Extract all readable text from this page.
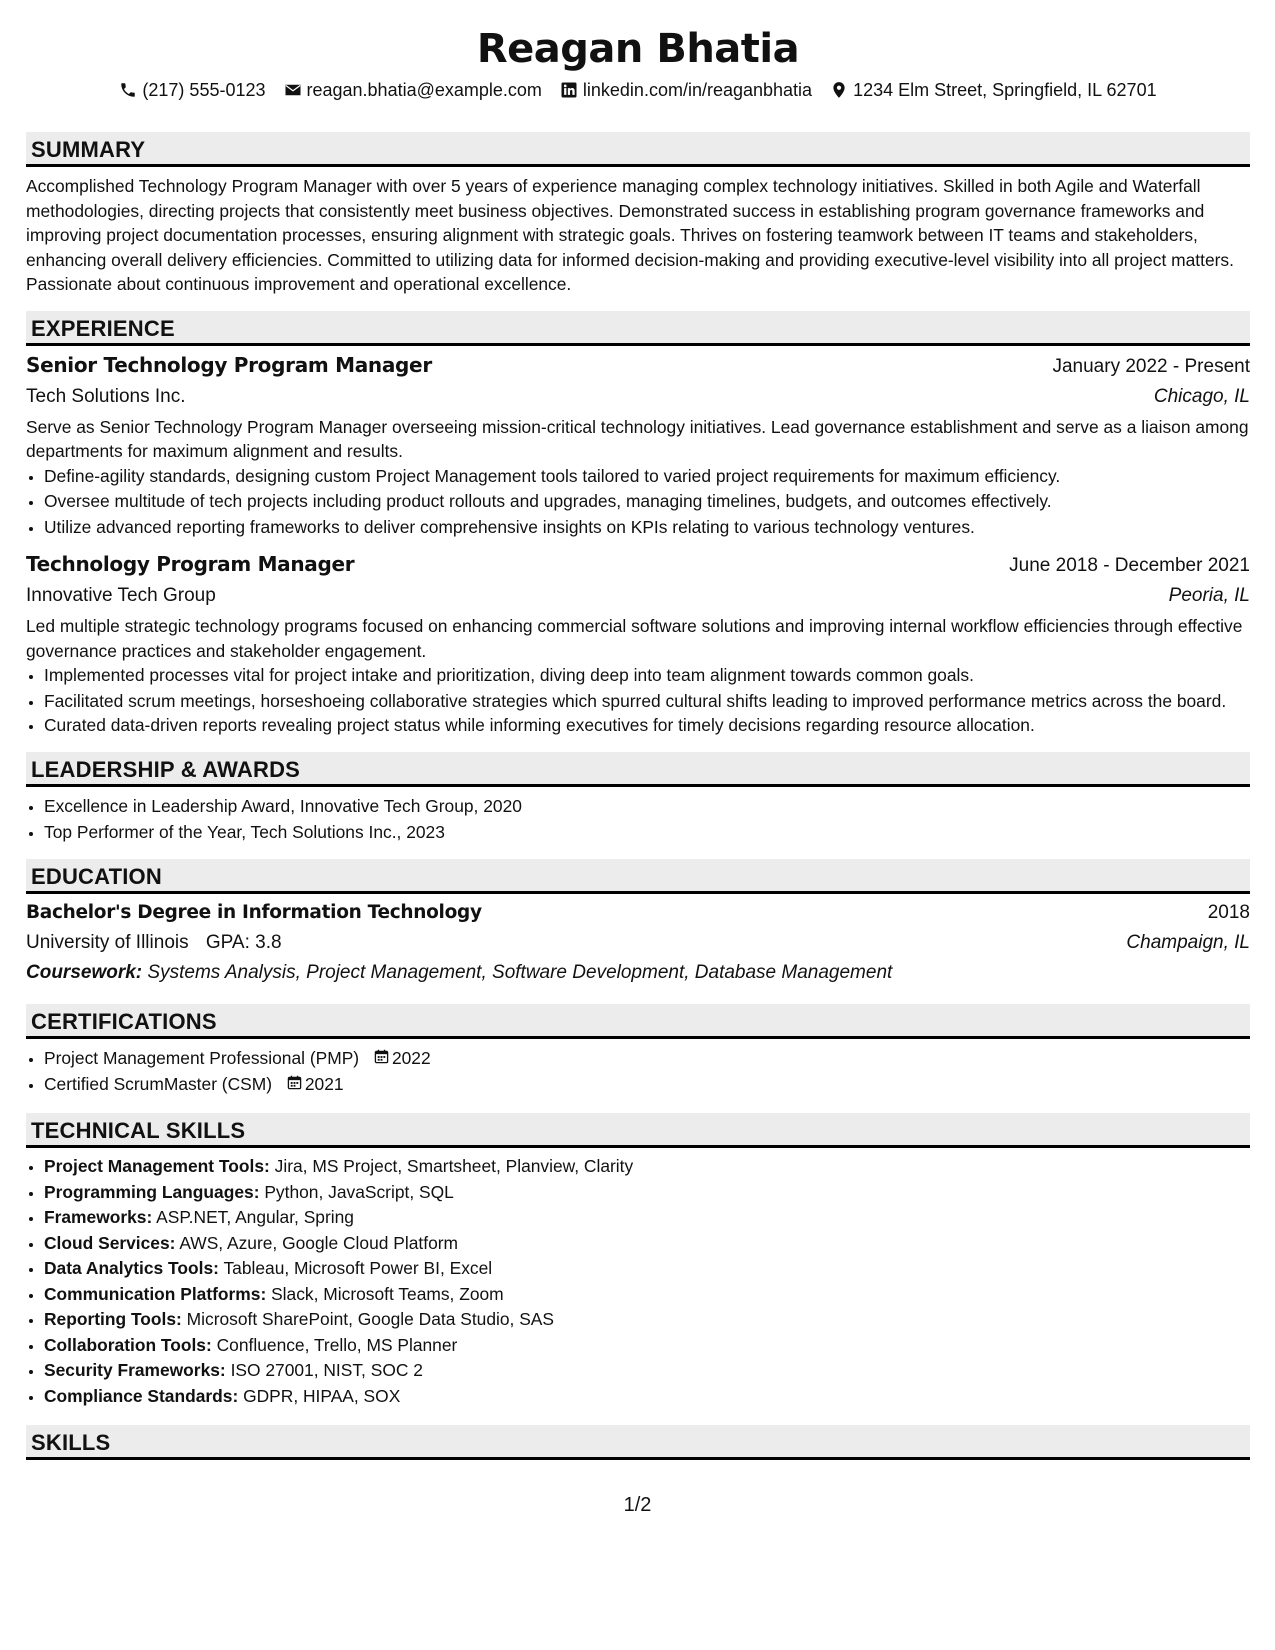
Reagan Bhatia
(217) 555-0123 reagan.bhatia@example.com linkedin.com/in/reaganbhatia 1234 Elm Street, Springfield, IL 62701
SUMMARY

Accomplished Technology Program Manager with over 5 years of experience managing complex technology initiatives. Skilled in both Agile and Waterfall methodologies, directing projects that consistently meet business objectives. Demonstrated success in establishing program governance frameworks and improving project documentation processes, ensuring alignment with strategic goals. Thrives on fostering teamwork between IT teams and stakeholders, enhancing overall delivery efficiencies. Committed to utilizing data for informed decision-making and providing executive-level visibility into all project matters. Passionate about continuous improvement and operational excellence.

EXPERIENCE
Senior Technology Program Manager	January 2022 - Present
Tech Solutions Inc.	Chicago, IL

Serve as Senior Technology Program Manager overseeing mission-critical technology initiatives. Lead governance establishment and serve as a liaison among departments for maximum alignment and results.

• Define-agility standards, designing custom Project Management tools tailored to varied project requirements for maximum efficiency.
• Oversee multitude of tech projects including product rollouts and upgrades, managing timelines, budgets, and outcomes effectively.
• Utilize advanced reporting frameworks to deliver comprehensive insights on KPIs relating to various technology ventures.
Technology Program Manager	June 2018 - December 2021
Innovative Tech Group	Peoria, IL

Led multiple strategic technology programs focused on enhancing commercial software solutions and improving internal workflow efficiencies through effective governance practices and stakeholder engagement.

• Implemented processes vital for project intake and prioritization, diving deep into team alignment towards common goals.
• Facilitated scrum meetings, horseshoeing collaborative strategies which spurred cultural shifts leading to improved performance metrics across the board.
• Curated data-driven reports revealing project status while informing executives for timely decisions regarding resource allocation.
LEADERSHIP & AWARDS
• Excellence in Leadership Award, Innovative Tech Group, 2020
• Top Performer of the Year, Tech Solutions Inc., 2023
EDUCATION
Bachelor's Degree in Information Technology	2018
University of Illinois GPA: 3.8	Champaign, IL
Coursework: Systems Analysis, Project Management, Software Development, Database Management
CERTIFICATIONS
• Project Management Professional (PMP) 2022
• Certified ScrumMaster (CSM) 2021
TECHNICAL SKILLS
• Project Management Tools: Jira, MS Project, Smartsheet, Planview, Clarity
• Programming Languages: Python, JavaScript, SQL
• Frameworks: ASP.NET, Angular, Spring
• Cloud Services: AWS, Azure, Google Cloud Platform
• Data Analytics Tools: Tableau, Microsoft Power BI, Excel
• Communication Platforms: Slack, Microsoft Teams, Zoom
• Reporting Tools: Microsoft SharePoint, Google Data Studio, SAS
• Collaboration Tools: Confluence, Trello, MS Planner
• Security Frameworks: ISO 27001, NIST, SOC 2
• Compliance Standards: GDPR, HIPAA, SOX
SKILLS
1/2
